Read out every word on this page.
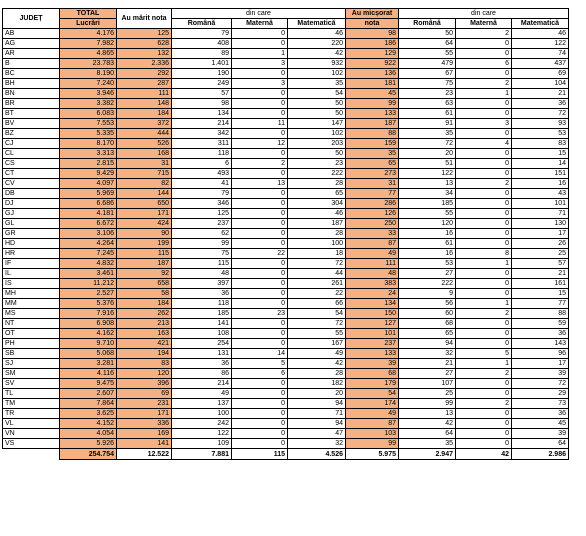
JUDEȚ	TOTAL	Au mărit nota	din care			Au micșorat	din care		
	Lucrări		Română	Maternă	Matematică	nota	Română	Maternă	Matematică
AB	4.176	125	79	0	46	98	50	2	46
AG	7.982	628	408	0	220	186	64	0	122
AR	4.865	132	89	1	42	129	55	0	74
B	23.783	2.336	1.401	3	932	922	479	6	437
BC	8.190	292	190	0	102	136	67	0	69
BH	7.240	287	249	3	35	181	75	2	104
BN	3.946	111	57	0	54	45	23	1	21
BR	3.382	148	98	0	50	99	63	0	36
BT	6.083	184	134	0	50	133	61	0	72
BV	7.553	372	214	11	147	187	91	3	93
BZ	5.335	444	342	0	102	88	35	0	53
CJ	8.170	526	311	12	203	159	72	4	83
CL	3.313	168	118	0	50	35	20	0	15
CS	2.815	31	6	2	23	65	51	0	14
CT	9.429	715	493	0	222	273	122	0	151
CV	4.097	82	41	13	28	31	13	2	16
DB	5.969	144	79	0	65	77	34	0	43
DJ	6.686	650	346	0	304	286	185	0	101
GJ	4.181	171	125	0	46	126	55	0	71
GL	6.672	424	237	0	187	250	120	0	130
GR	3.106	90	62	0	28	33	16	0	17
HD	4.264	199	99	0	100	87	61	0	26
HR	7.245	115	75	22	18	49	16	8	25
IF	4.832	187	115	0	72	111	53	1	57
IL	3.461	92	48	0	44	48	27	0	21
IS	11.212	658	397	0	261	383	222	0	161
MH	2.527	58	36	0	22	24	9	0	15
MM	5.376	184	118	0	66	134	56	1	77
MS	7.916	262	185	23	54	150	60	2	88
NT	6.908	213	141	0	72	127	68	0	59
OT	4.162	163	108	0	55	101	65	0	36
PH	9.710	421	254	0	167	237	94	0	143
SB	5.068	194	131	14	49	133	32	5	96
SJ	3.281	83	36	5	42	39	21	1	17
SM	4.116	120	86	6	28	68	27	2	39
SV	9.475	396	214	0	182	179	107	0	72
TL	2.607	69	49	0	20	54	25	0	29
TM	7.864	231	137	0	94	174	99	2	73
TR	3.625	171	100	0	71	49	13	0	36
VL	4.152	336	242	0	94	87	42	0	45
VN	4.054	169	122	0	47	103	64	0	39
VS	5.926	141	109	0	32	99	35	0	64
	254.754	12.522	7.881	115	4.526	5.975	2.947	42	2.986
